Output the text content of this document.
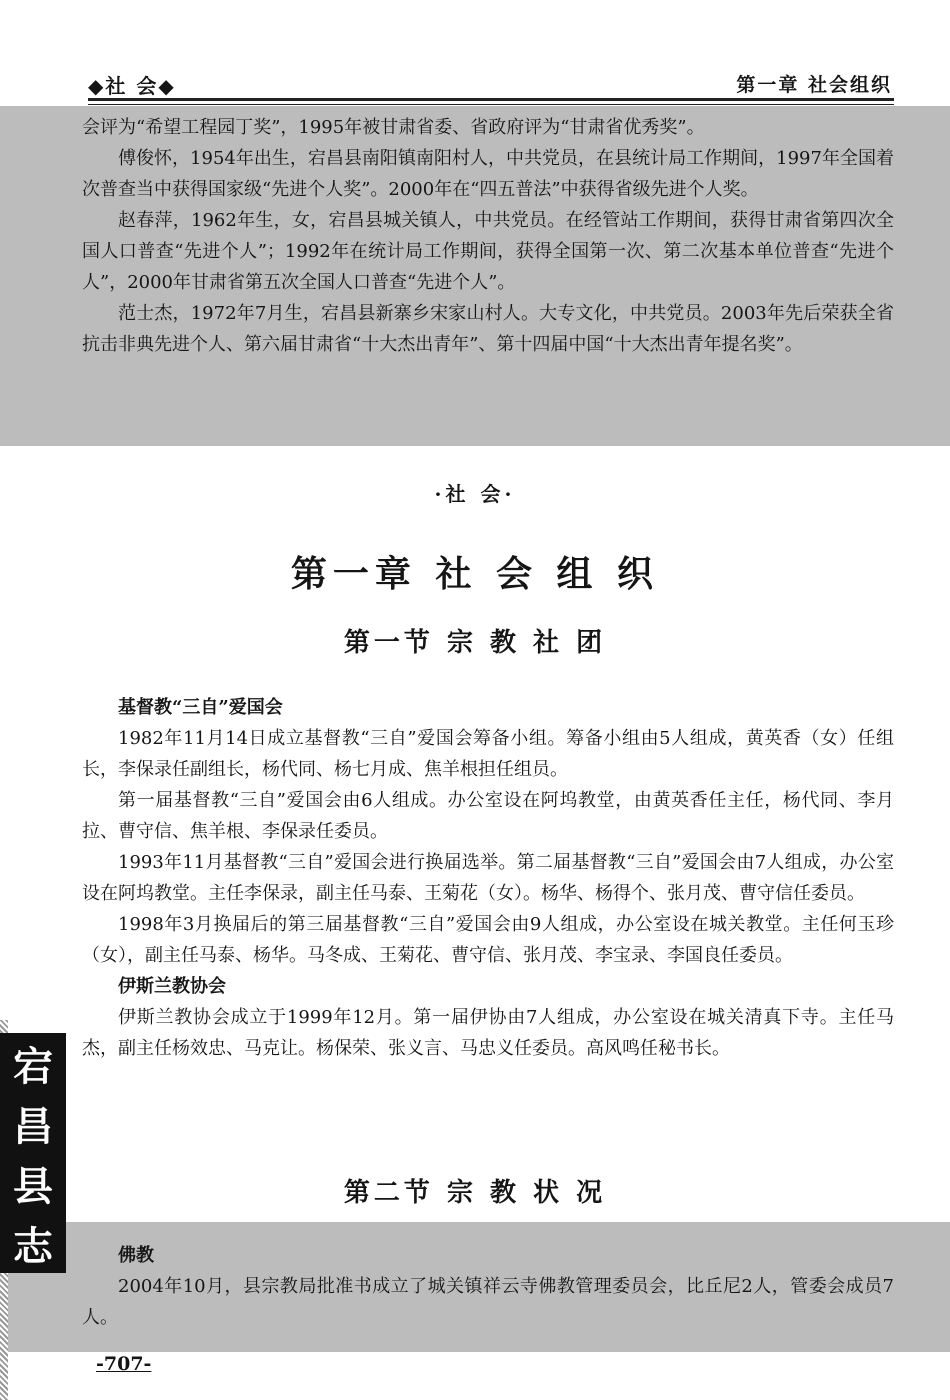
◆社 会◆	第一章 社会组织

会评为“希望工程园丁奖”，1995年被甘肃省委、省政府评为“甘肃省优秀奖”。

傅俊怀，1954年出生，宕昌县南阳镇南阳村人，中共党员，在县统计局工作期间，1997年全国着次普查当中获得国家级“先进个人奖”。2000年在“四五普法”中获得省级先进个人奖。

赵春萍，1962年生，女，宕昌县城关镇人，中共党员。在经管站工作期间，获得甘肃省第四次全国人口普查“先进个人”；1992年在统计局工作期间，获得全国第一次、第二次基本单位普查“先进个人”，2000年甘肃省第五次全国人口普查“先进个人”。

范士杰，1972年7月生，宕昌县新寨乡宋家山村人。大专文化，中共党员。2003年先后荣获全省抗击非典先进个人、第六届甘肃省“十大杰出青年”、第十四届中国“十大杰出青年提名奖”。

·社 会·
第一章 社 会 组 织
第一节 宗 教 社 团

基督教“三自”爱国会

1982年11月14日成立基督教“三自”爱国会筹备小组。筹备小组由5人组成，黄英香（女）任组长，李保录任副组长，杨代同、杨七月成、焦羊根担任组员。

第一届基督教“三自”爱国会由6人组成。办公室设在阿坞教堂，由黄英香任主任，杨代同、李月拉、曹守信、焦羊根、李保录任委员。

1993年11月基督教“三自”爱国会进行换届选举。第二届基督教“三自”爱国会由7人组成，办公室设在阿坞教堂。主任李保录，副主任马泰、王菊花（女）。杨华、杨得个、张月茂、曹守信任委员。

1998年3月换届后的第三届基督教“三自”爱国会由9人组成，办公室设在城关教堂。主任何玉珍（女），副主任马泰、杨华。马冬成、王菊花、曹守信、张月茂、李宝录、李国良任委员。

伊斯兰教协会

伊斯兰教协会成立于1999年12月。第一届伊协由7人组成，办公室设在城关清真下寺。主任马杰，副主任杨效忠、马克让。杨保荣、张义言、马忠义任委员。高风鸣任秘书长。

第二节 宗 教 状 况

佛教

2004年10月，县宗教局批准书成立了城关镇祥云寺佛教管理委员会，比丘尼2人，管委会成员7人。

宕
昌
县
志
-707-
